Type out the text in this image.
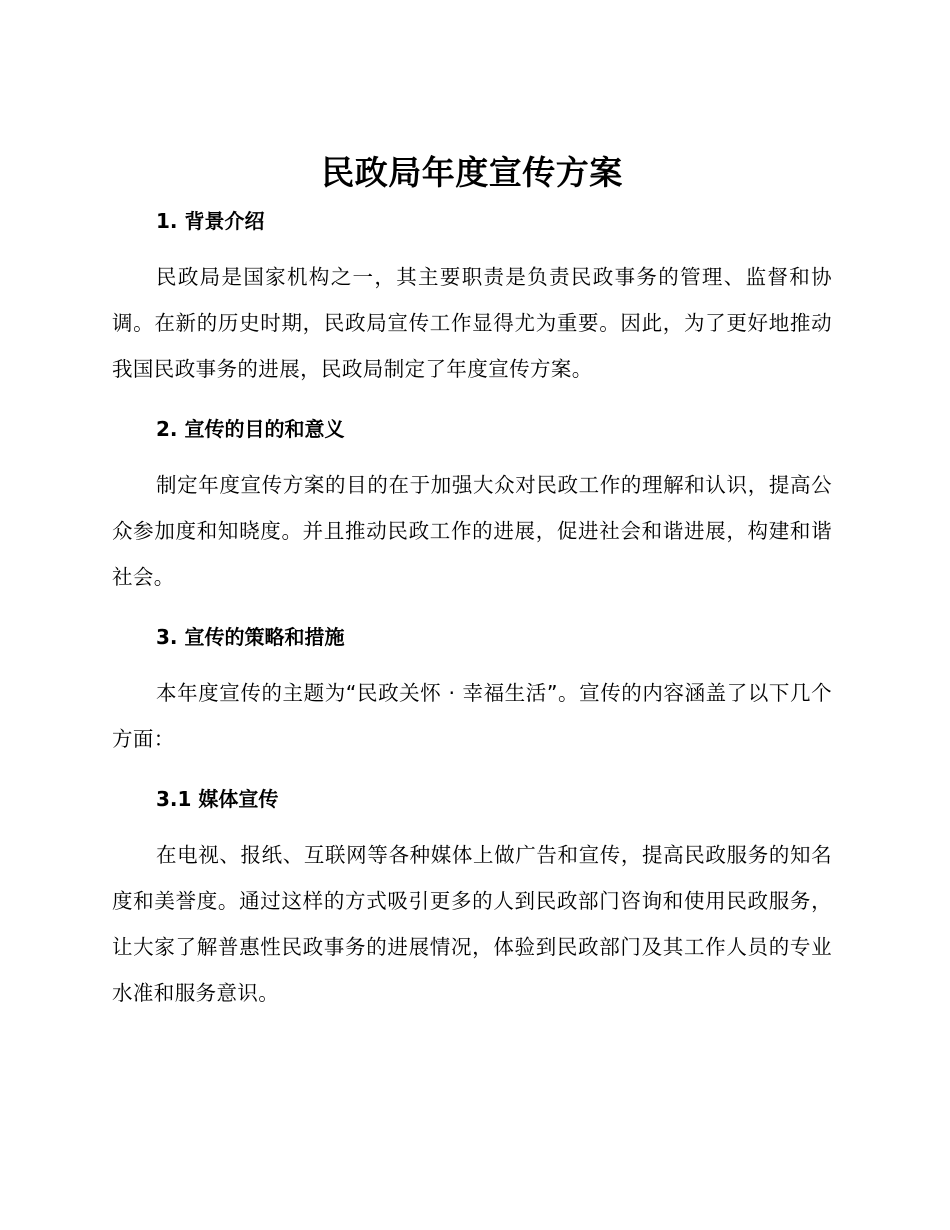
民政局年度宣传方案
1. 背景介绍

民政局是国家机构之一，其主要职责是负责民政事务的管理、监督和协调。在新的历史时期，民政局宣传工作显得尤为重要。因此，为了更好地推动我国民政事务的进展，民政局制定了年度宣传方案。

2. 宣传的目的和意义

制定年度宣传方案的目的在于加强大众对民政工作的理解和认识，提高公众参加度和知晓度。并且推动民政工作的进展，促进社会和谐进展，构建和谐社会。

3. 宣传的策略和措施

本年度宣传的主题为“民政关怀 · 幸福生活”。宣传的内容涵盖了以下几个方面：

3.1 媒体宣传

在电视、报纸、互联网等各种媒体上做广告和宣传，提高民政服务的知名度和美誉度。通过这样的方式吸引更多的人到民政部门咨询和使用民政服务，让大家了解普惠性民政事务的进展情况，体验到民政部门及其工作人员的专业水准和服务意识。
